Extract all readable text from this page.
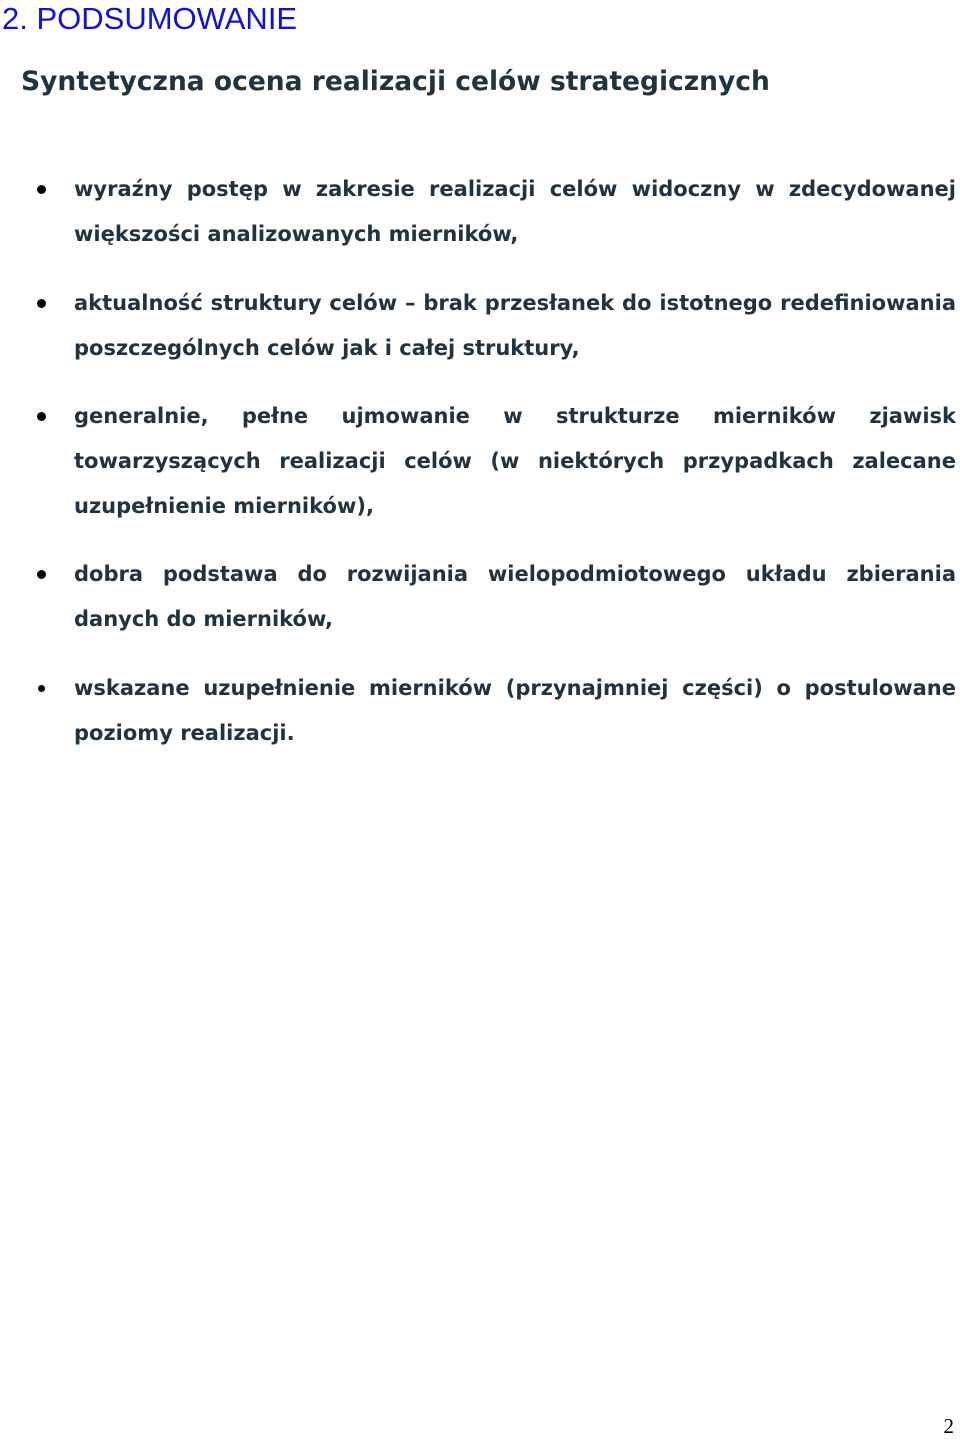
2. PODSUMOWANIE
Syntetyczna ocena realizacji celów strategicznych
wyraźny postęp w zakresie realizacji celów widoczny w zdecydowanej większości analizowanych mierników,
aktualność struktury celów – brak przesłanek do istotnego redefiniowania poszczególnych celów jak i całej struktury,
generalnie, pełne ujmowanie w strukturze mierników zjawisk towarzyszących realizacji celów (w niektórych przypadkach zalecane uzupełnienie mierników),
dobra podstawa do rozwijania wielopodmiotowego układu zbierania danych do mierników,
wskazane uzupełnienie mierników (przynajmniej części) o postulowane poziomy realizacji.
2
